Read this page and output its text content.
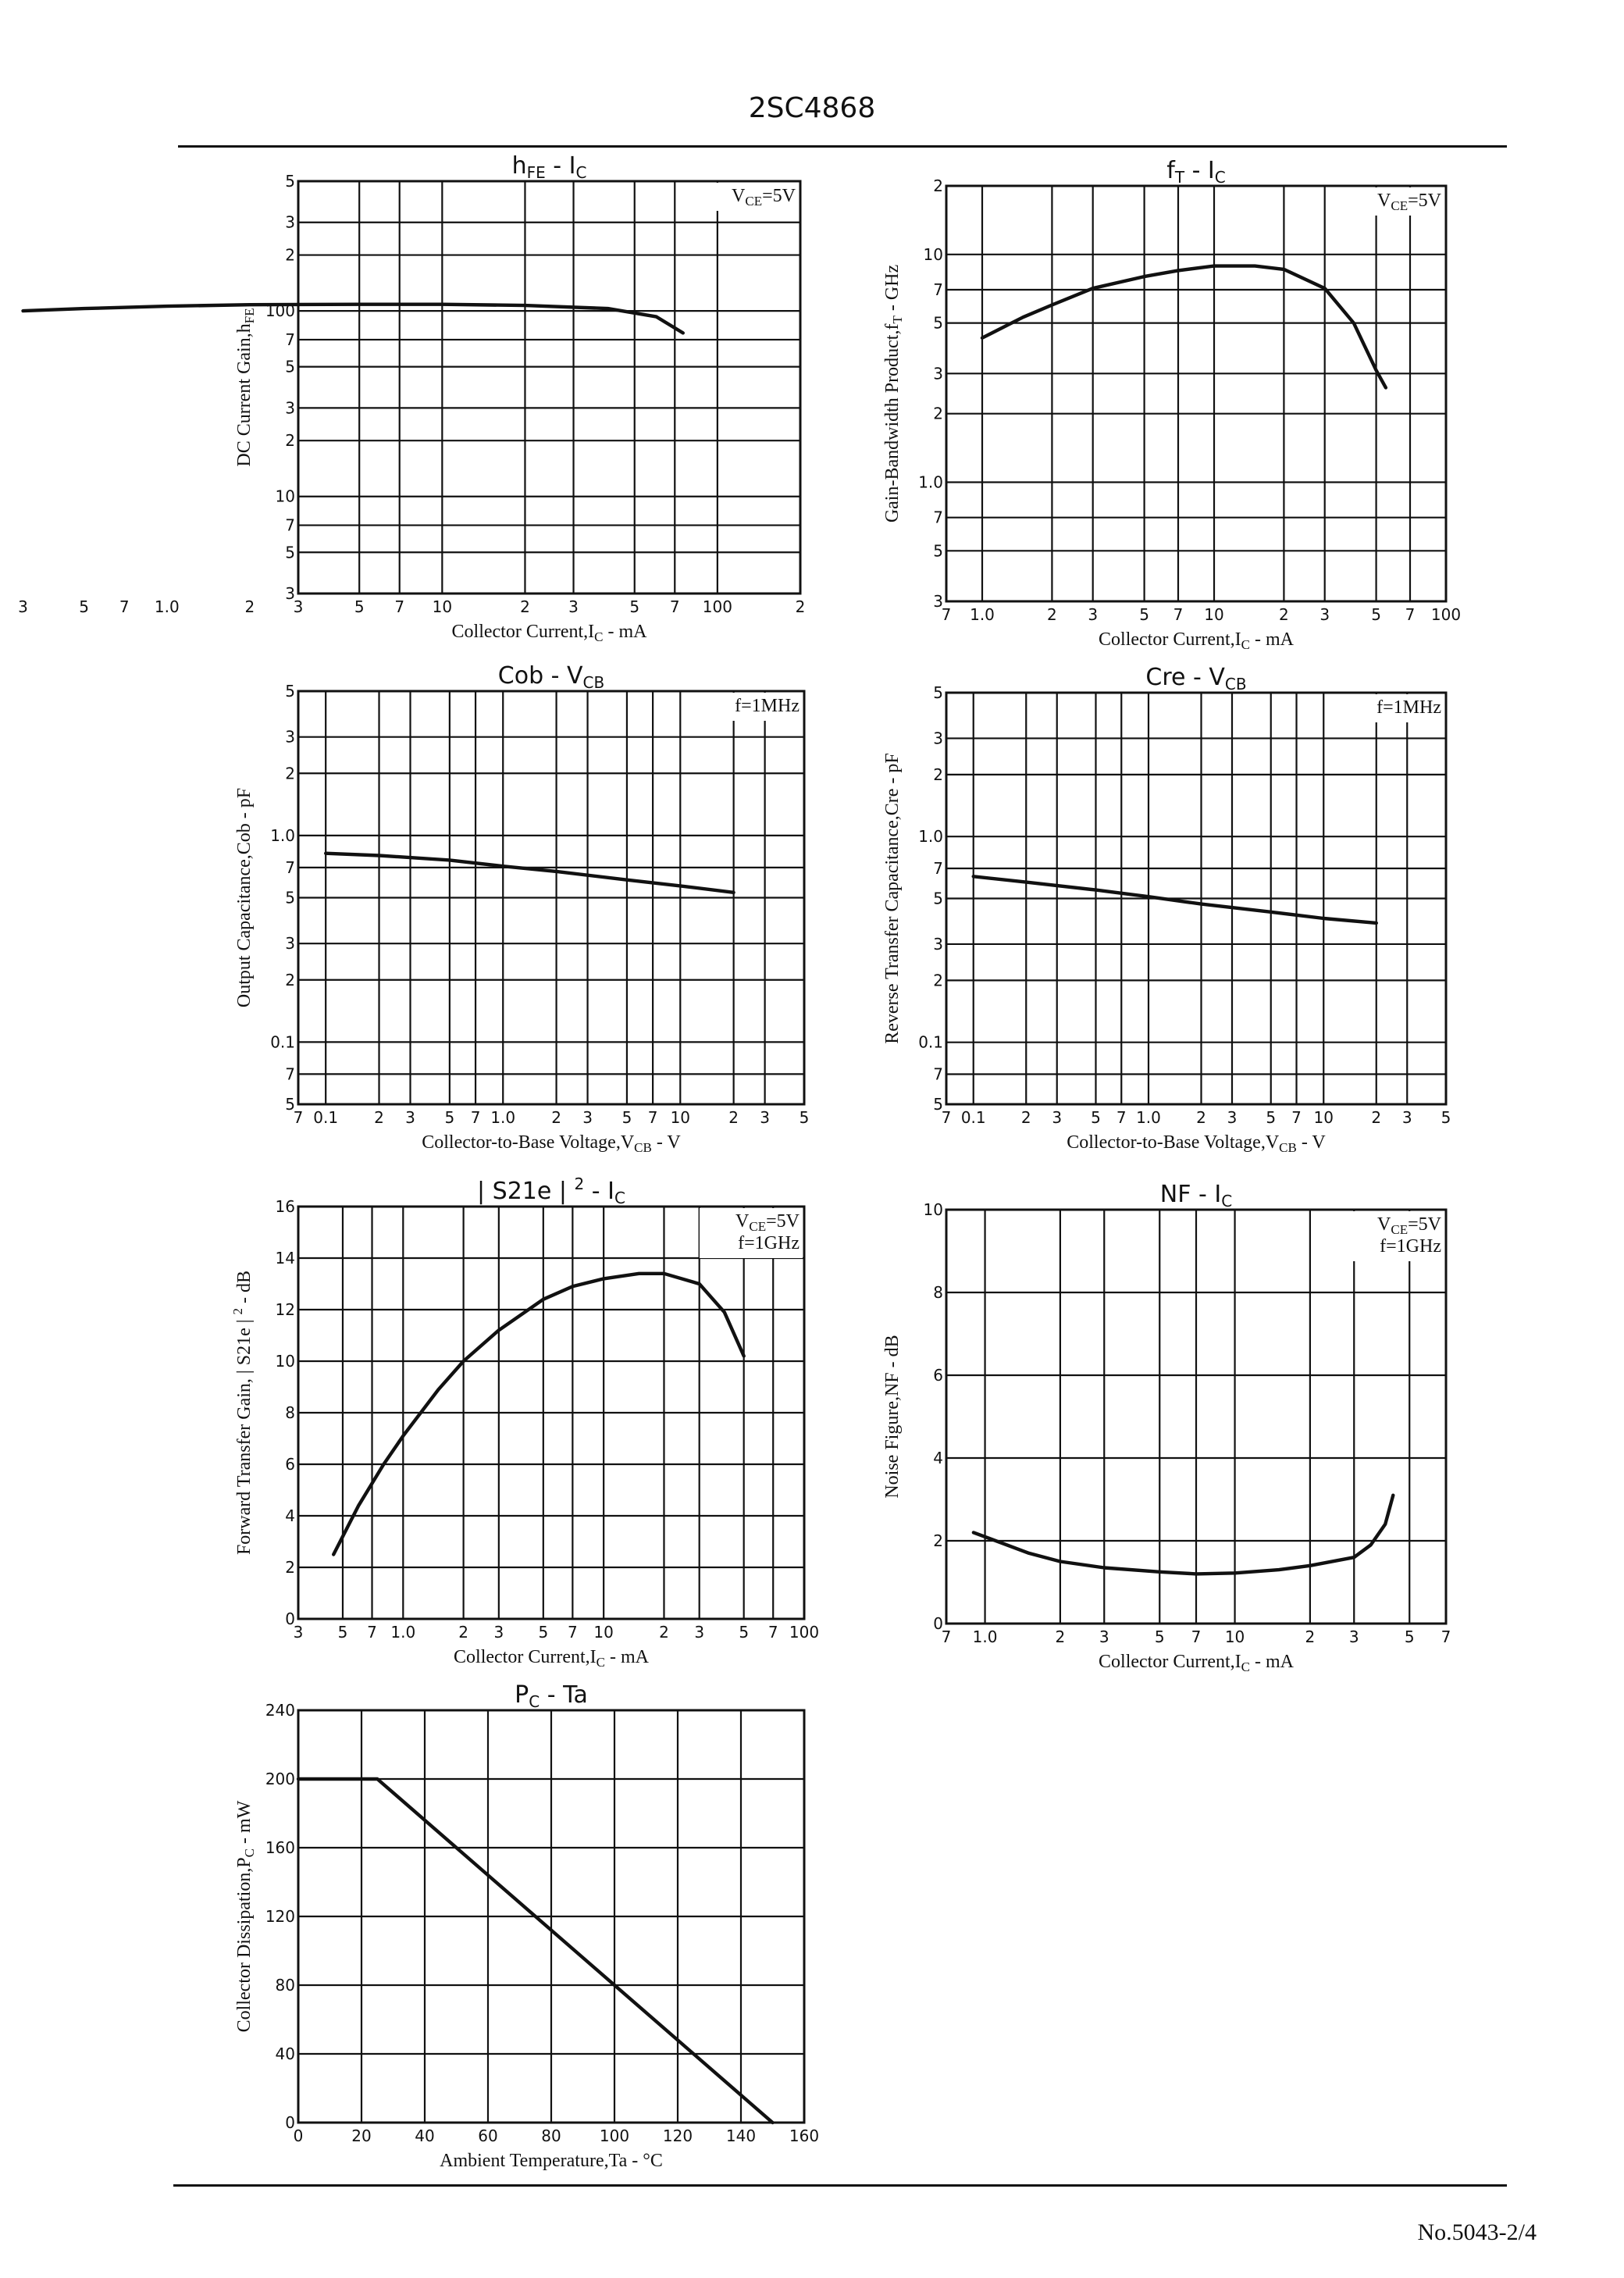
2SC4868
No.5043-2/4
3	5 7 1.0	2 3	5 7 10	2 3	5 7 100	2
3
5
7
10
2
3
5
7
100
2
3
5
$V_{CE}=5V$
$h_{FE} - I_C$
Collector $Current,I_C$ - mA
DC Current $Gain,h_{FE}$
7 1.0	2 3	5 7 10	2 3	5 7 100
3
5
7
1.0
2
3
5
7
10
2
$V_{CE}=5V$
$f_T - I_C$
Collector $Current,I_C$ - mA
Gain-Bandwidth $Product,f_T$ - GHz
7 0.1 2 3 5 7 1.0 2 3 5 7 10 2 3 5
5
7
0.1
2
3
5
7
1.0
2
3
5
f=1MHz
Cob - $V_{CB}$
Collector-to-Base $Voltage,V_{CB}$ - V
Output Capacitance,Cob - pF
7 0.1 2 3 5 7 1.0 2 3 5 7 10 2 3 5
5
7
0.1
2
3
5
7
1.0
2
3
5
f=1MHz
Cre - $V_{CB}$
Collector-to-Base $Voltage,V_{CB}$ - V
Reverse Transfer Capacitance,Cre - pF
3 5 7 1.0	2 3 5 7 10	2 3 5 7 100
0
2
4
6
8
10
12
14
16
$V_{CE}=5V$
f=1GHz
| S21e | $^2 - I_C$
Collector $Current,I_C$ - mA
Forward Transfer Gain, | S21e | $^2$ - dB
7 1.0	2 3	5 7 10	2 3	5 7
0
2
4
6
8
10
$V_{CE}=5V$
f=1GHz
NF - $I_C$
Collector $Current,I_C$ - mA
Noise Figure,NF - dB
0	20	40	60	80 100 120 140 160
0
40
80
120
160
200
240
$P_C$ - Ta
Ambient Temperature,Ta - °C
Collector $Dissipation,P_C$ - mW
